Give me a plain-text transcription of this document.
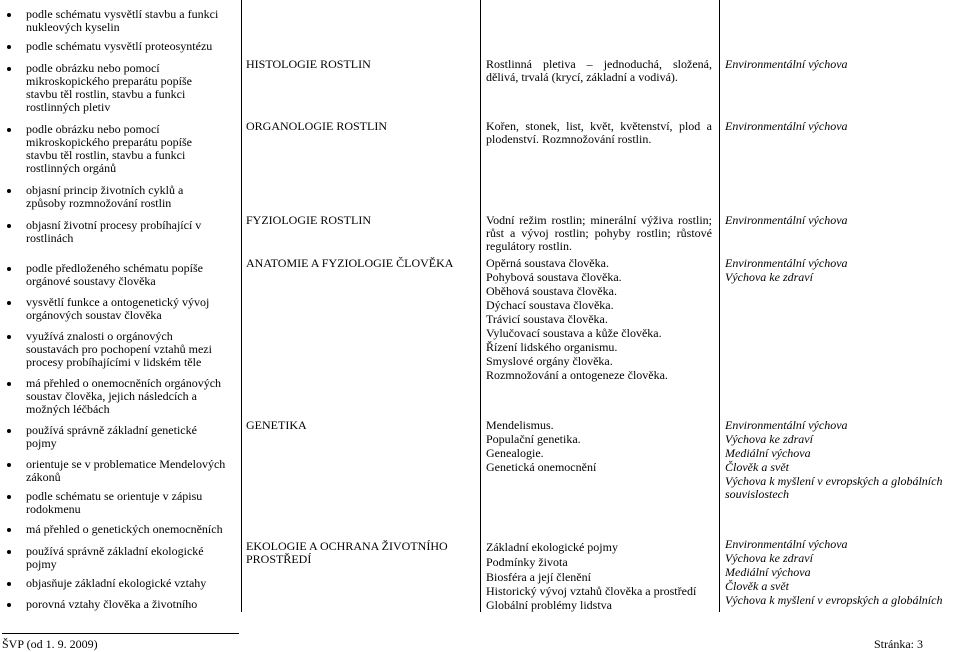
podle schématu vysvětlí stavbu a funkci nukleových kyselin
podle schématu vysvětlí proteosyntézu
podle obrázku nebo pomocí mikroskopického preparátu popíše stavbu těl rostlin, stavbu a funkci rostlinných pletiv
podle obrázku nebo pomocí mikroskopického preparátu popíše stavbu těl rostlin, stavbu a funkci rostlinných orgánů
objasní princip životních cyklů a způsoby rozmnožování rostlin
objasní životní procesy probíhající v rostlinách
podle předloženého schématu popíše orgánové soustavy člověka
vysvětlí funkce a ontogenetický vývoj orgánových soustav člověka
využívá znalosti o orgánových soustavách pro pochopení vztahů mezi procesy probíhajícími v lidském těle
má přehled o onemocněních orgánových soustav člověka, jejich následcích a možných léčbách
používá správně základní genetické pojmy
orientuje se v problematice Mendelových zákonů
podle schématu se orientuje v zápisu rodokmenu
má přehled o genetických onemocněních
používá správně základní ekologické pojmy
objasňuje základní ekologické vztahy
porovná vztahy člověka a životního
HISTOLOGIE ROSTLIN
ORGANOLOGIE ROSTLIN
FYZIOLOGIE ROSTLIN
ANATOMIE A FYZIOLOGIE ČLOVĚKA
GENETIKA
EKOLOGIE A OCHRANA ŽIVOTNÍHO PROSTŘEDÍ
Rostlinná pletiva – jednoduchá, složená, dělivá, trvalá (krycí, základní a vodivá).
Kořen, stonek, list, květ, květenství, plod a plodenství. Rozmnožování rostlin.
Vodní režim rostlin; minerální výživa rostlin; růst a vývoj rostlin; pohyby rostlin; růstové regulátory rostlin.
Opěrná soustava člověka.
Pohybová soustava člověka.
Oběhová soustava člověka.
Dýchací soustava člověka.
Trávicí soustava člověka.
Vylučovací soustava a kůže člověka.
Řízení lidského organismu.
Smyslové orgány člověka.
Rozmnožování a ontogeneze člověka.
Mendelismus.
Populační genetika.
Genealogie.
Genetická onemocnění
Základní ekologické pojmy
Podmínky života
Biosféra a její členění
Historický vývoj vztahů člověka a prostředí
Globální problémy lidstva
Environmentální výchova
Environmentální výchova
Environmentální výchova
Environmentální výchova
Výchova ke zdraví
Environmentální výchova
Výchova ke zdraví
Mediální výchova
Člověk a svět
Výchova k myšlení v evropských a globálních souvislostech
Environmentální výchova
Výchova ke zdraví
Mediální výchova
Člověk a svět
Výchova k myšlení v evropských a globálních
ŠVP (od 1. 9. 2009)	Stránka: 3
